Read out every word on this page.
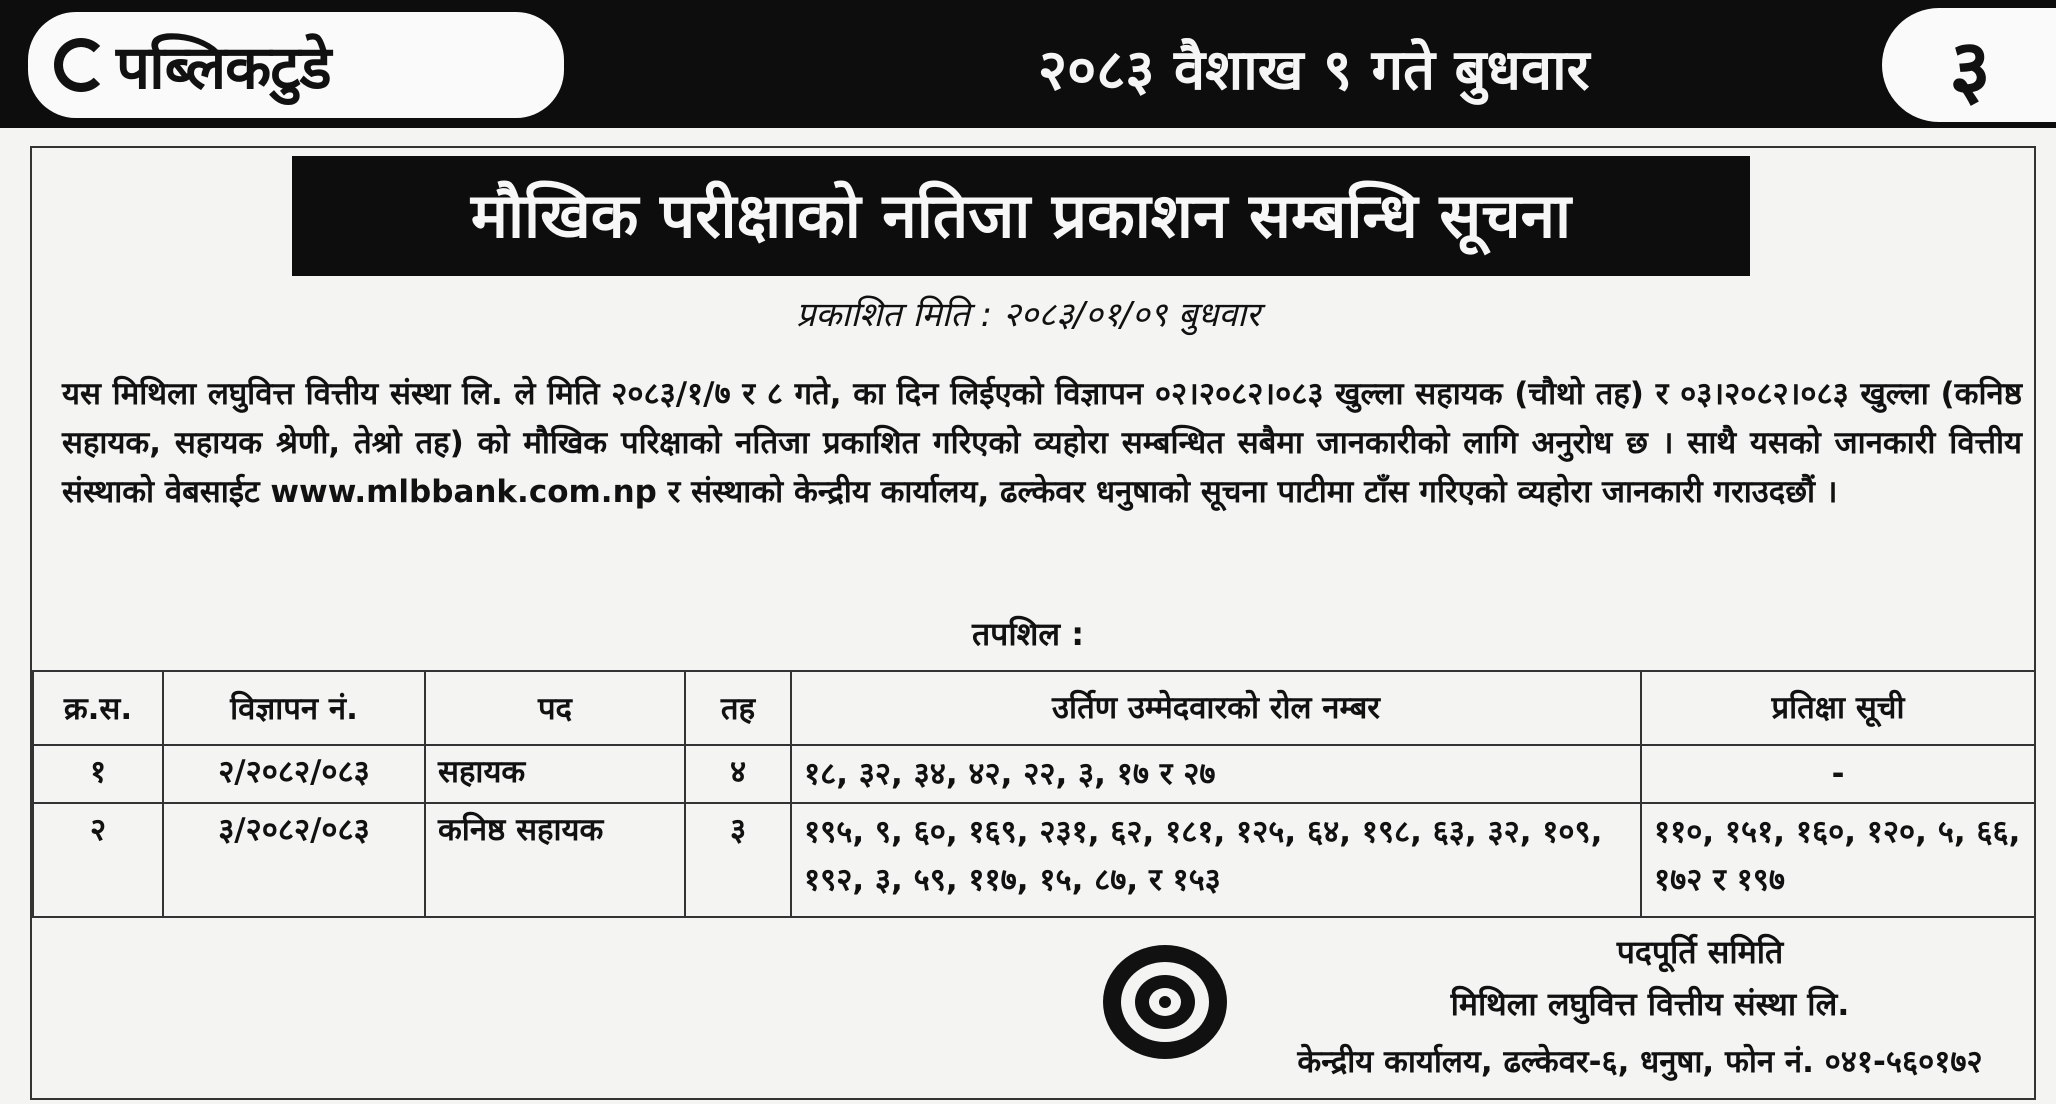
पब्लिकटुडे	२०८३ वैशाख ९ गते बुधवार	३
मौखिक परीक्षाको नतिजा प्रकाशन सम्बन्धि सूचना
प्रकाशित मिति : २०८३/०१/०९ बुधवार
यस मिथिला लघुवित्त वित्तीय संस्था लि. ले मिति २०८३/१/७ र ८ गते, का दिन लिईएको विज्ञापन ०२।२०८२।०८३ खुल्ला सहायक (चौथो तह) र ०३।२०८२।०८३ खुल्ला (कनिष्ठ सहायक, सहायक श्रेणी, तेश्रो तह) को मौखिक परिक्षाको नतिजा प्रकाशित गरिएको व्यहोरा सम्बन्धित सबैमा जानकारीको लागि अनुरोध छ । साथै यसको जानकारी वित्तीय संस्थाको वेबसाईट www.mlbbank.com.np र संस्थाको केन्द्रीय कार्यालय, ढल्केवर धनुषाको सूचना पाटीमा टाँस गरिएको व्यहोरा जानकारी गराउदछौं ।
तपशिल :
क्र.स.	विज्ञापन नं.	पद	तह	उर्तिण उम्मेदवारको रोल नम्बर	प्रतिक्षा सूची
१	२/२०८२/०८३	सहायक	४	१८, ३२, ३४, ४२, २२, ३, १७ र २७	-
२	३/२०८२/०८३	कनिष्ठ सहायक	३	१९५, ९, ६०, १६९, २३१, ६२, १८१, १२५, ६४, १९८, ६३, ३२, १०९, १९२, ३, ५९, ११७, १५, ८७, र १५३	११०, १५१, १६०, १२०, ५, ६६, १७२ र १९७
पदपूर्ति समिति
मिथिला लघुवित्त वित्तीय संस्था लि.
केन्द्रीय कार्यालय, ढल्केवर-६, धनुषा, फोन नं. ०४१-५६०१७२
